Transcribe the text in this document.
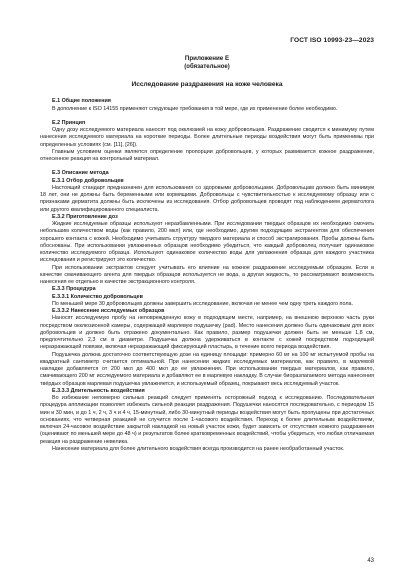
ГОСТ ISO 10993-23—2023
Приложение Е
(обязательное)
Исследование раздражения на коже человека
Е.1 Общие положения
В дополнение к ISO 14155 применяют следующие требования в той мере, где их применение более необходимо.
Е.2 Принцип
Одну дозу исследуемого материала наносят под окклюзией на кожу добровольцев. Раздражение сводится к минимуму путем нанесения исследуемого материала на короткие периоды. Более длительные периоды воздействия могут быть применимы при определенных условиях (см. [11], [26]).
Главным условием оценки является определение пропорции добровольцев, у которых развивается кожное раздражение, отнесенное реакция на контрольный материал.
Е.3 Описание метода
Е.3.1 Отбор добровольцев
Настоящий стандарт предназначен для использования со здоровыми добровольцами. Добровольцам должно быть минимум 18 лет, они не должны быть беременными или кормящими. Добровольцы с чувствительностью к исследуемому образцу или с признаками дерматита должны быть исключены из исследования. Отбор добровольцев проводят под наблюдением дерматолога или другого квалифицированного специалиста.
Е.3.2 Приготовление доз
Жидкие исследуемые образцы используют неразбавленными. При исследовании твердых образцов их необходимо смочить небольшим количеством воды (как правило, 200 мкл) или, где необходимо, другим подходящим экстрагентом для обеспечения хорошего контакта с кожей. Необходимо учитывать структуру твердого материала и способ экстрагирования. Пробы должны быть обоснованы. При использовании увлажненных образцов необходимо убедиться, что каждый доброволец получает одинаковое количество исследуемого образца. Используют одинаковое количество воды для увлажнения образца для каждого участника исследования и регистрируют это количество.
При использовании экстрактов следует учитывать его влияние на кожное раздражение исследуемым образцом. Если в качестве смачивающего агента для твердых образцов используется не вода, а другая жидкость, то рассматривают возможность нанесения ее отдельно в качестве экстракционного контроля.
Е.3.3 Процедура
Е.3.3.1 Количество добровольцев
По меньшей мере 30 добровольцев должны завершить исследование, включая не менее чем одну треть каждого пола.
Е.3.3.2 Нанесение исследуемых образцов
Наносят исследуемую пробу на неповрежденную кожу в подходящем месте, например, на внешнюю верхнюю часть руки посредством окклюзионной камеры, содержащей марлевую подушечку (pad). Место нанесения должно быть одинаковым для всех добровольцев и должно быть отражено документально. Как правило, размер подушечки должен быть не меньше 1,8 см, предпочтительно 2,3 см в диаметре. Подушечка должна удерживаться в контакте с кожей посредством подходящей неразражающей повязки, включая неразражающий фиксирующий пластырь, в течение всего периода воздействия.
Подушечка должна достаточно соответствующую дозе на единицу площади: примерно 60 мг на 100 мг испытуемой пробы на квадратный сантиметр считается оптимальной. При нанесении жидких исследуемых материалов, как правило, в марлевой накладке добавляется от 200 мкл до 400 мкл до ее увлажнения. При использовании твердых материалов, как правило, смачивающего 200 мг исследуемого материала и добавляют ее в марлевую накладку. В случае биоразлагаемого метода нанесения твёрдых образцов марлевая подушечка увлажняется, и используемый образец, покрывают весь исследуемый участок.
Е.3.3.3 Длительность воздействия
Во избежание непомерно сильных реакций следует применять осторожный подход к исследованию. Последовательная процедура аппликации позволяет избежать сильной реакции раздражения. Подушечки наносятся последовательно, с периодом 15 мин и 30 мин, и до 1 ч, 2 ч, 3 ч и 4 ч, 15-минутный, либо 30-минутный периоды воздействия могут быть пропущены при достаточных основаниях, что четверная реакцией не случится после 1-часового воздействия. Переход к более длительным воздействиям, включая 24-часовое воздействие закрытой накладкой на новый участок кожи, будет зависеть от отсутствия кожного раздражения (оценивают по меньшей мере до 48 ч) и результатов более кратковременных воздействий, чтобы убедиться, что любая отличаемая реакция на раздражение невелика.
Нанесение материала для более длительного воздействия всегда производится на ранее необработанный участок.
43
